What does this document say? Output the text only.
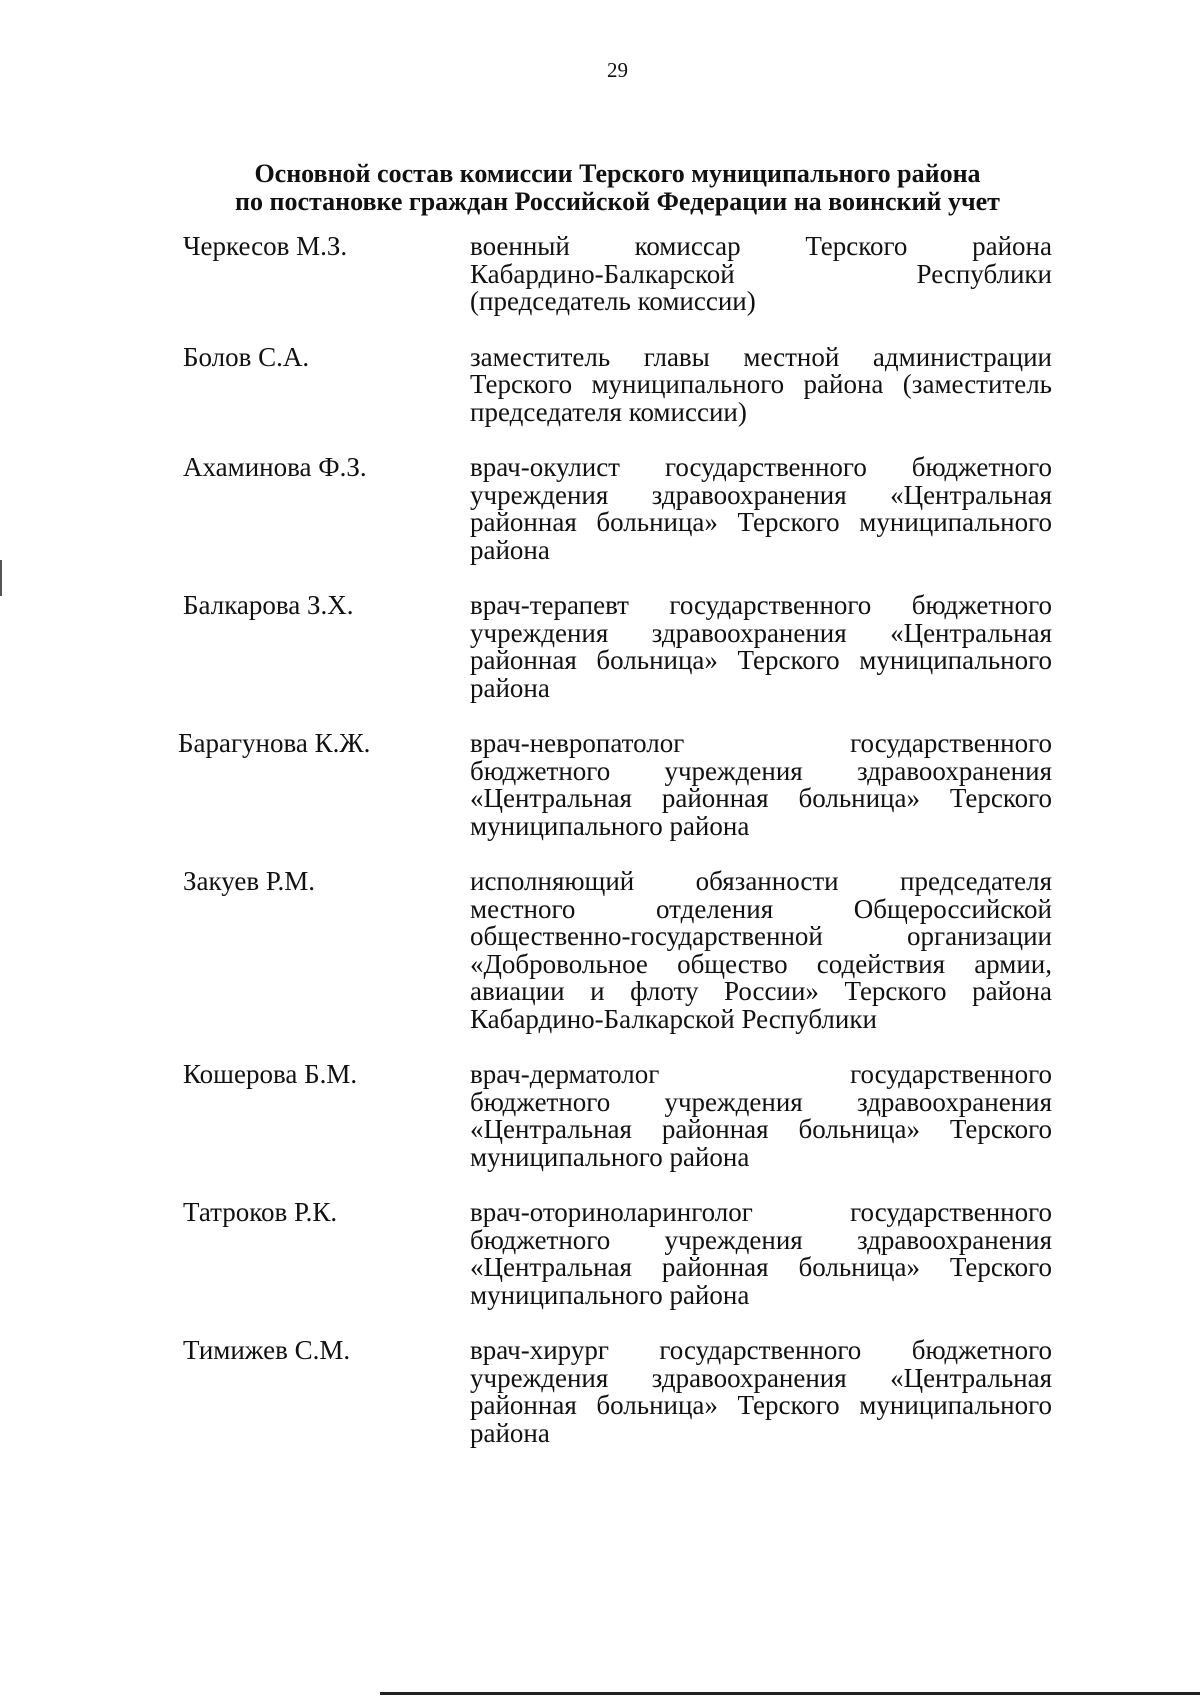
29
Основной состав комиссии Терского муниципального района
по постановке граждан Российской Федерации на воинский учет
Черкесов М.З.	военный комиссар Терского района
Кабардино-Балкарской Республики
(председатель комиссии)
Болов С.А.	заместитель главы местной администрации
Терского муниципального района (заместитель
председателя комиссии)
Ахаминова Ф.З.	врач-окулист государственного бюджетного
учреждения здравоохранения «Центральная
районная больница» Терского муниципального
района
Балкарова З.Х.	врач-терапевт государственного бюджетного
учреждения здравоохранения «Центральная
районная больница» Терского муниципального
района
Барагунова К.Ж.	врач-невропатолог государственного
бюджетного учреждения здравоохранения
«Центральная районная больница» Терского
муниципального района
Закуев Р.М.	исполняющий обязанности председателя
местного отделения Общероссийской
общественно-государственной организации
«Добровольное общество содействия армии,
авиации и флоту России» Терского района
Кабардино-Балкарской Республики
Кошерова Б.М.	врач-дерматолог государственного
бюджетного учреждения здравоохранения
«Центральная районная больница» Терского
муниципального района
Татроков Р.К.	врач-оториноларинголог государственного
бюджетного учреждения здравоохранения
«Центральная районная больница» Терского
муниципального района
Тимижев С.М.	врач-хирург государственного бюджетного
учреждения здравоохранения «Центральная
районная больница» Терского муниципального
района
